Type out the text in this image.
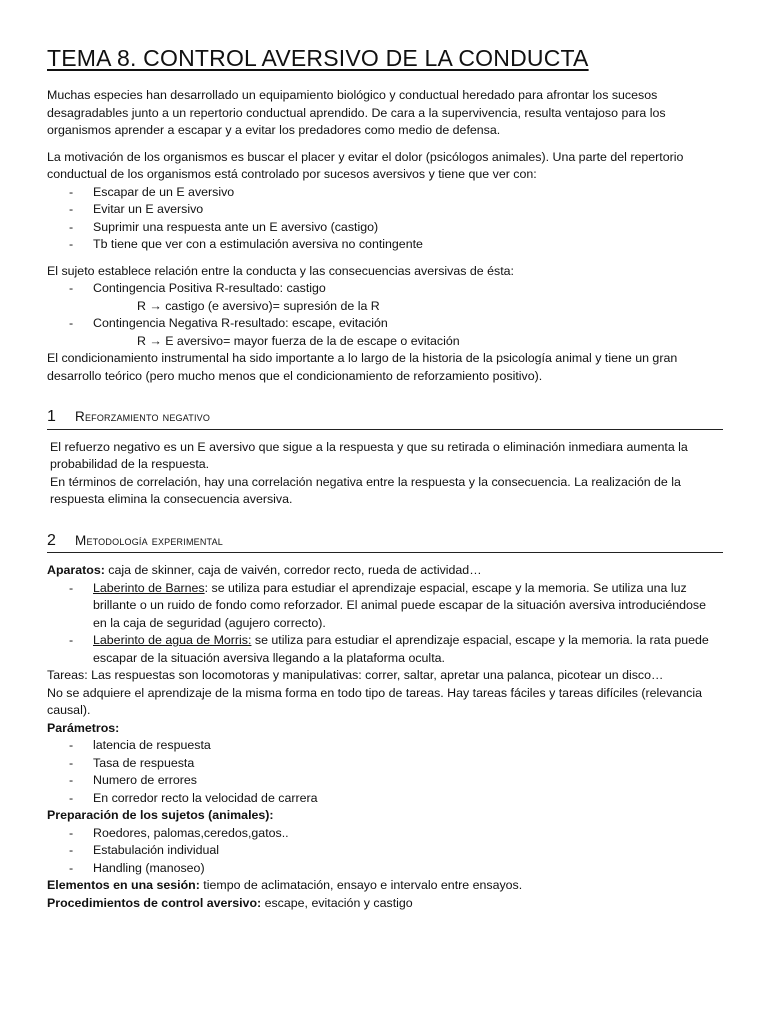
TEMA 8. CONTROL AVERSIVO DE LA CONDUCTA

Muchas especies han desarrollado un equipamiento biológico y conductual heredado para afrontar los sucesos desagradables junto a un repertorio conductual aprendido. De cara a la supervivencia, resulta ventajoso para los organismos aprender a escapar y a evitar los predadores como medio de defensa.

La motivación de los organismos es buscar el placer y evitar el dolor (psicólogos animales). Una parte del repertorio conductual de los organismos está controlado por sucesos aversivos y tiene que ver con:

- Escapar de un E aversivo
- Evitar un E aversivo
- Suprimir una respuesta ante un E aversivo (castigo)
- Tb tiene que ver con a estimulación aversiva no contingente

El sujeto establece relación entre la conducta y las consecuencias aversivas de ésta:

- Contingencia Positiva R-resultado: castigo

R → castigo (e aversivo)= supresión de la R

- Contingencia Negativa R-resultado: escape, evitación

R → E aversivo= mayor fuerza de la de escape o evitación

El condicionamiento instrumental ha sido importante a lo largo de la historia de la psicología animal y tiene un gran desarrollo teórico (pero mucho menos que el condicionamiento de reforzamiento positivo).

1	Reforzamiento negativo

El refuerzo negativo es un E aversivo que sigue a la respuesta y que su retirada o eliminación inmediara aumenta la probabilidad de la respuesta.

En términos de correlación, hay una correlación negativa entre la respuesta y la consecuencia. La realización de la respuesta elimina la consecuencia aversiva.

2	Metodología experimental

Aparatos: caja de skinner, caja de vaivén, corredor recto, rueda de actividad…

- Laberinto de Barnes: se utiliza para estudiar el aprendizaje espacial, escape y la memoria. Se utiliza una luz brillante o un ruido de fondo como reforzador. El animal puede escapar de la situación aversiva introduciéndose en la caja de seguridad (agujero correcto).
- Laberinto de agua de Morris: se utiliza para estudiar el aprendizaje espacial, escape y la memoria. la rata puede escapar de la situación aversiva llegando a la plataforma oculta.

Tareas: Las respuestas son locomotoras y manipulativas: correr, saltar, apretar una palanca, picotear un disco…

No se adquiere el aprendizaje de la misma forma en todo tipo de tareas. Hay tareas fáciles y tareas difíciles (relevancia causal).

Parámetros:

- latencia de respuesta
- Tasa de respuesta
- Numero de errores
- En corredor recto la velocidad de carrera

Preparación de los sujetos (animales):

- Roedores, palomas,ceredos,gatos..
- Estabulación individual
- Handling (manoseo)

Elementos en una sesión: tiempo de aclimatación, ensayo e intervalo entre ensayos.

Procedimientos de control aversivo: escape, evitación y castigo
